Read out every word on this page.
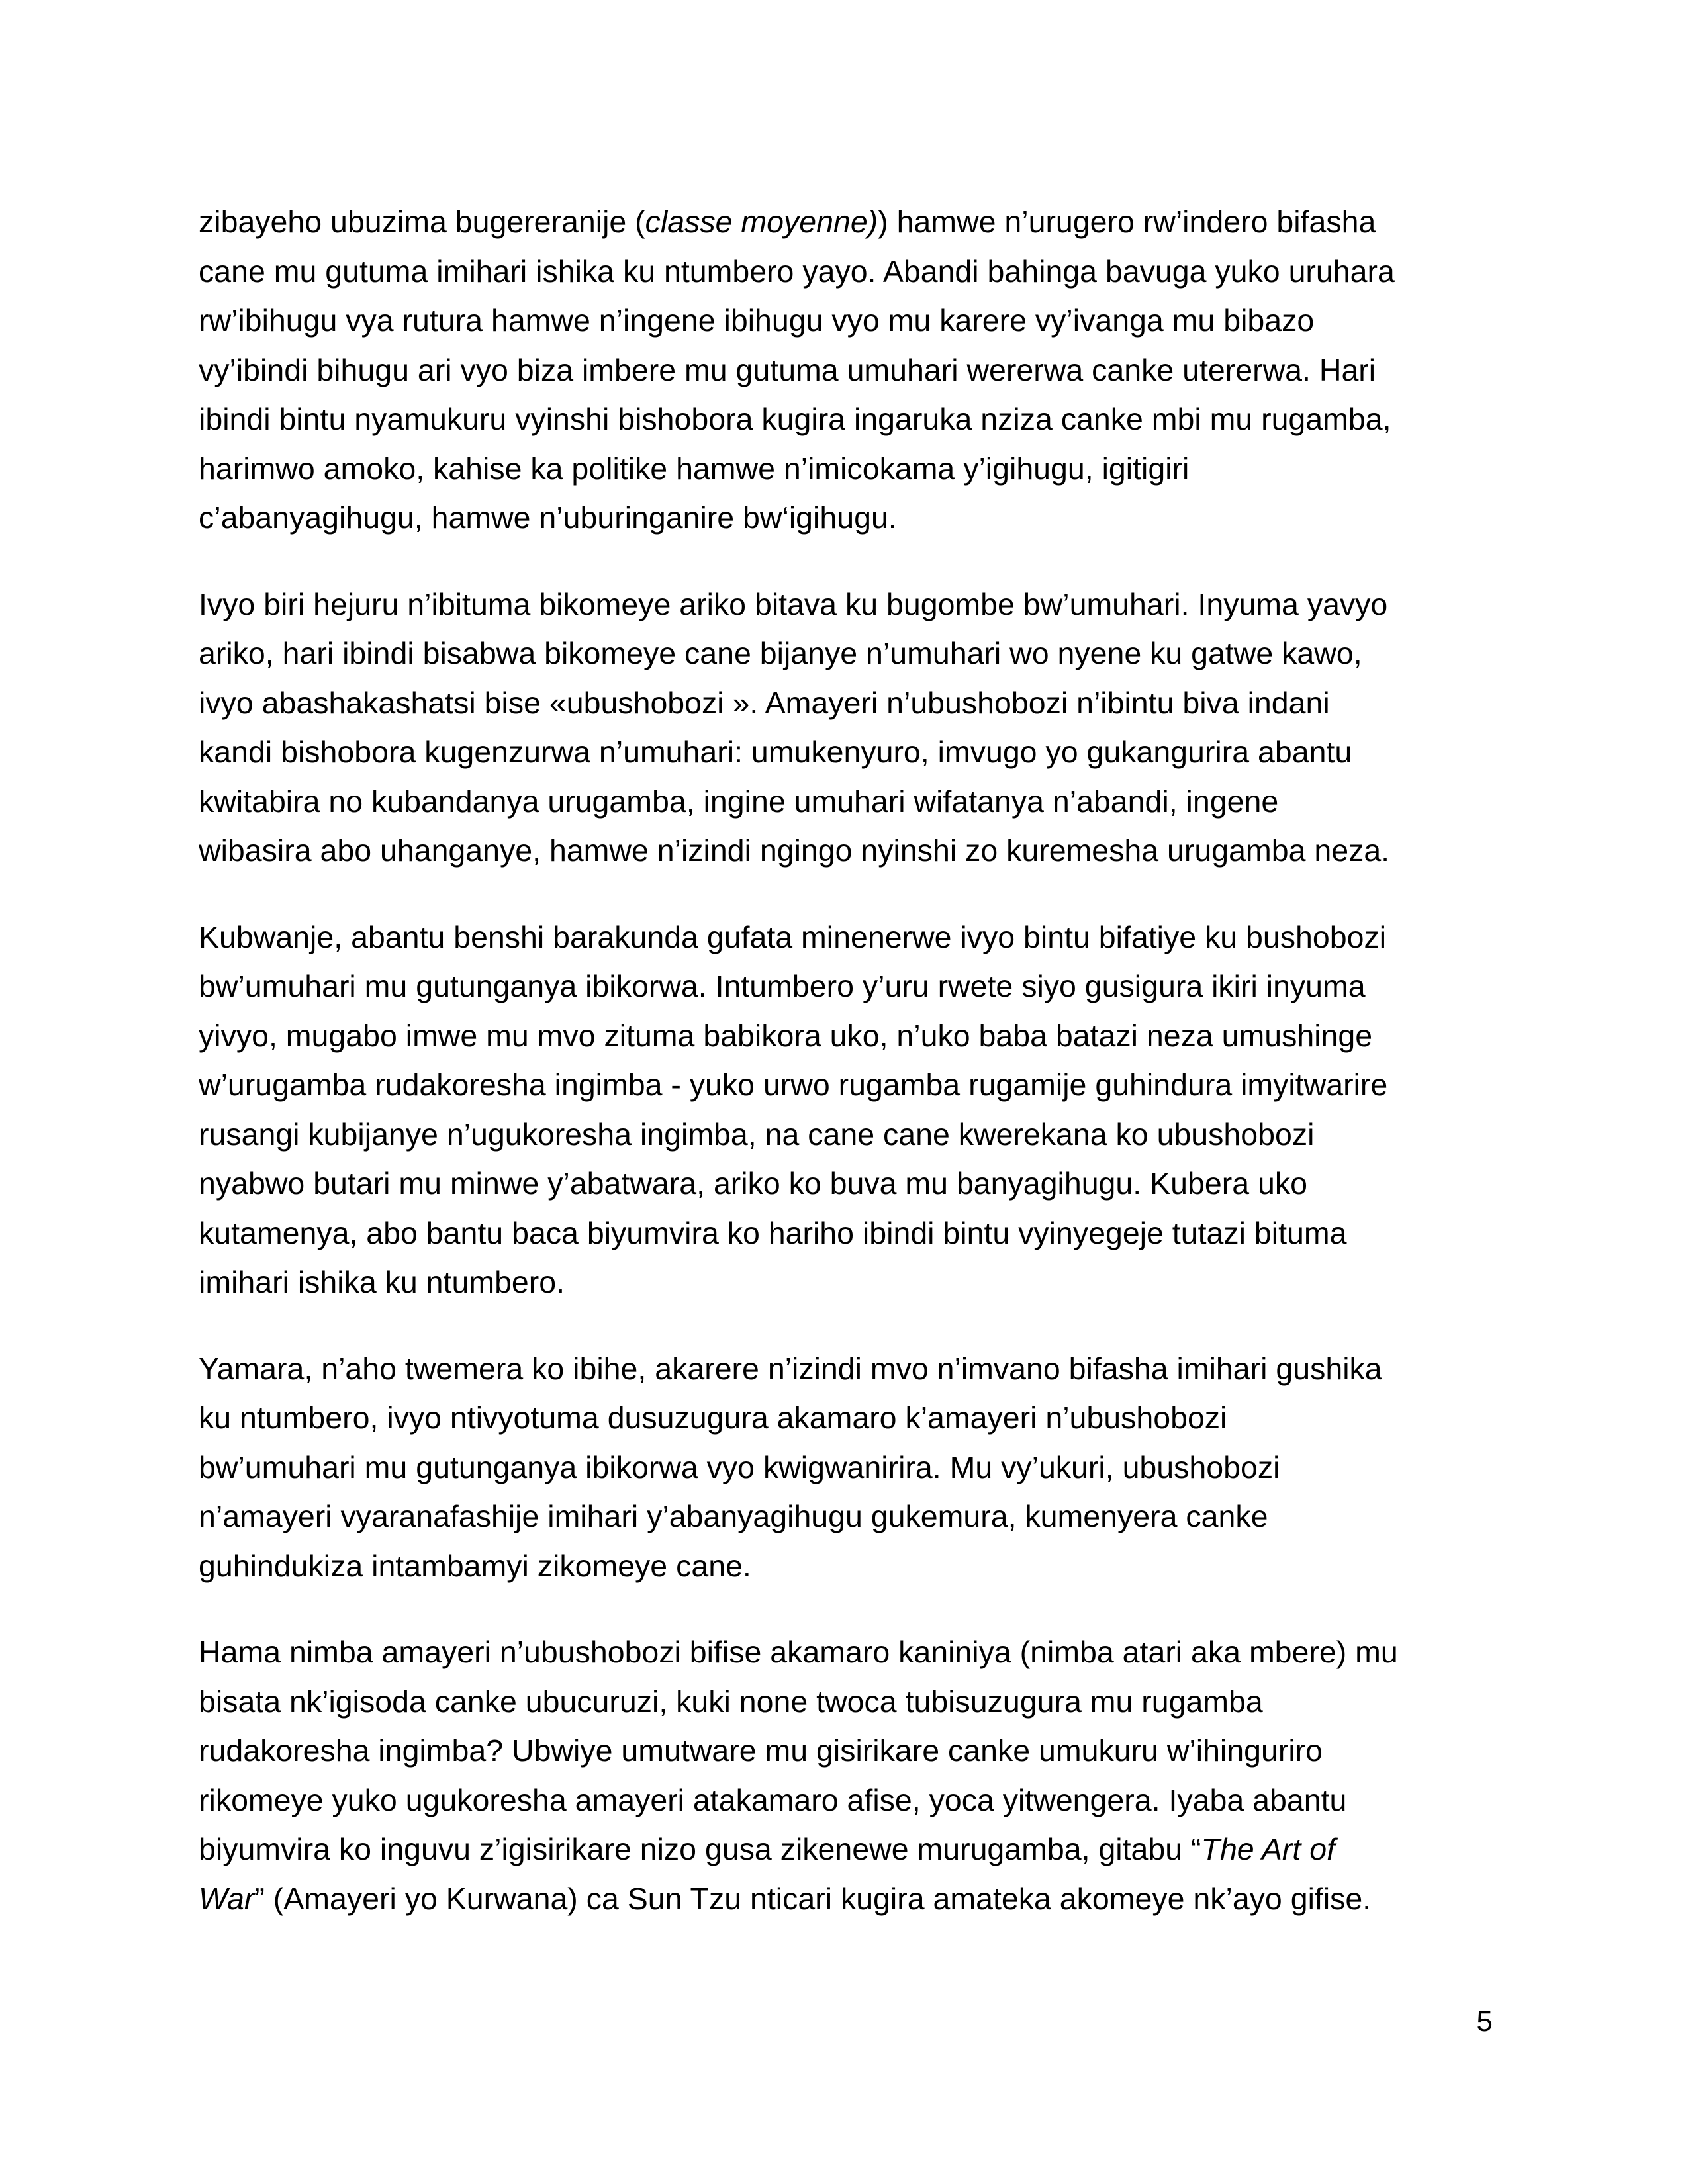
zibayeho ubuzima bugereranije (classe moyenne)) hamwe n’urugero rw’indero bifasha
cane mu gutuma imihari ishika ku ntumbero yayo. Abandi bahinga bavuga yuko uruhara
rw’ibihugu vya rutura hamwe n’ingene ibihugu vyo mu karere vy’ivanga mu bibazo
vy’ibindi bihugu ari vyo biza imbere mu gutuma umuhari wererwa canke utererwa. Hari
ibindi bintu nyamukuru vyinshi bishobora kugira ingaruka nziza canke mbi mu rugamba,
harimwo amoko, kahise ka politike hamwe n’imicokama y’igihugu, igitigiri
c’abanyagihugu, hamwe n’uburinganire bw‘igihugu.

Ivyo biri hejuru n’ibituma bikomeye ariko bitava ku bugombe bw’umuhari. Inyuma yavyo
ariko, hari ibindi bisabwa bikomeye cane bijanye n’umuhari wo nyene ku gatwe kawo,
ivyo abashakashatsi bise «ubushobozi ». Amayeri n’ubushobozi n’ibintu biva indani
kandi bishobora kugenzurwa n’umuhari: umukenyuro, imvugo yo gukangurira abantu
kwitabira no kubandanya urugamba, ingine umuhari wifatanya n’abandi, ingene
wibasira abo uhanganye, hamwe n’izindi ngingo nyinshi zo kuremesha urugamba neza.

Kubwanje, abantu benshi barakunda gufata minenerwe ivyo bintu bifatiye ku bushobozi
bw’umuhari mu gutunganya ibikorwa. Intumbero y’uru rwete siyo gusigura ikiri inyuma
yivyo, mugabo imwe mu mvo zituma babikora uko, n’uko baba batazi neza umushinge
w’urugamba rudakoresha ingimba - yuko urwo rugamba rugamije guhindura imyitwarire
rusangi kubijanye n’ugukoresha ingimba, na cane cane kwerekana ko ubushobozi
nyabwo butari mu minwe y’abatwara, ariko ko buva mu banyagihugu. Kubera uko
kutamenya, abo bantu baca biyumvira ko hariho ibindi bintu vyinyegeje tutazi bituma
imihari ishika ku ntumbero.

Yamara, n’aho twemera ko ibihe, akarere n’izindi mvo n’imvano bifasha imihari gushika
ku ntumbero, ivyo ntivyotuma dusuzugura akamaro k’amayeri n’ubushobozi
bw’umuhari mu gutunganya ibikorwa vyo kwigwanirira. Mu vy’ukuri, ubushobozi
n’amayeri vyaranafashije imihari y’abanyagihugu gukemura, kumenyera canke
guhindukiza intambamyi zikomeye cane.

Hama nimba amayeri n’ubushobozi bifise akamaro kaniniya (nimba atari aka mbere) mu
bisata nk’igisoda canke ubucuruzi, kuki none twoca tubisuzugura mu rugamba
rudakoresha ingimba? Ubwiye umutware mu gisirikare canke umukuru w’ihinguriro
rikomeye yuko ugukoresha amayeri atakamaro afise, yoca yitwengera. Iyaba abantu
biyumvira ko inguvu z’igisirikare nizo gusa zikenewe murugamba, gitabu “The Art of
War” (Amayeri yo Kurwana) ca Sun Tzu nticari kugira amateka akomeye nk’ayo gifise.

5
